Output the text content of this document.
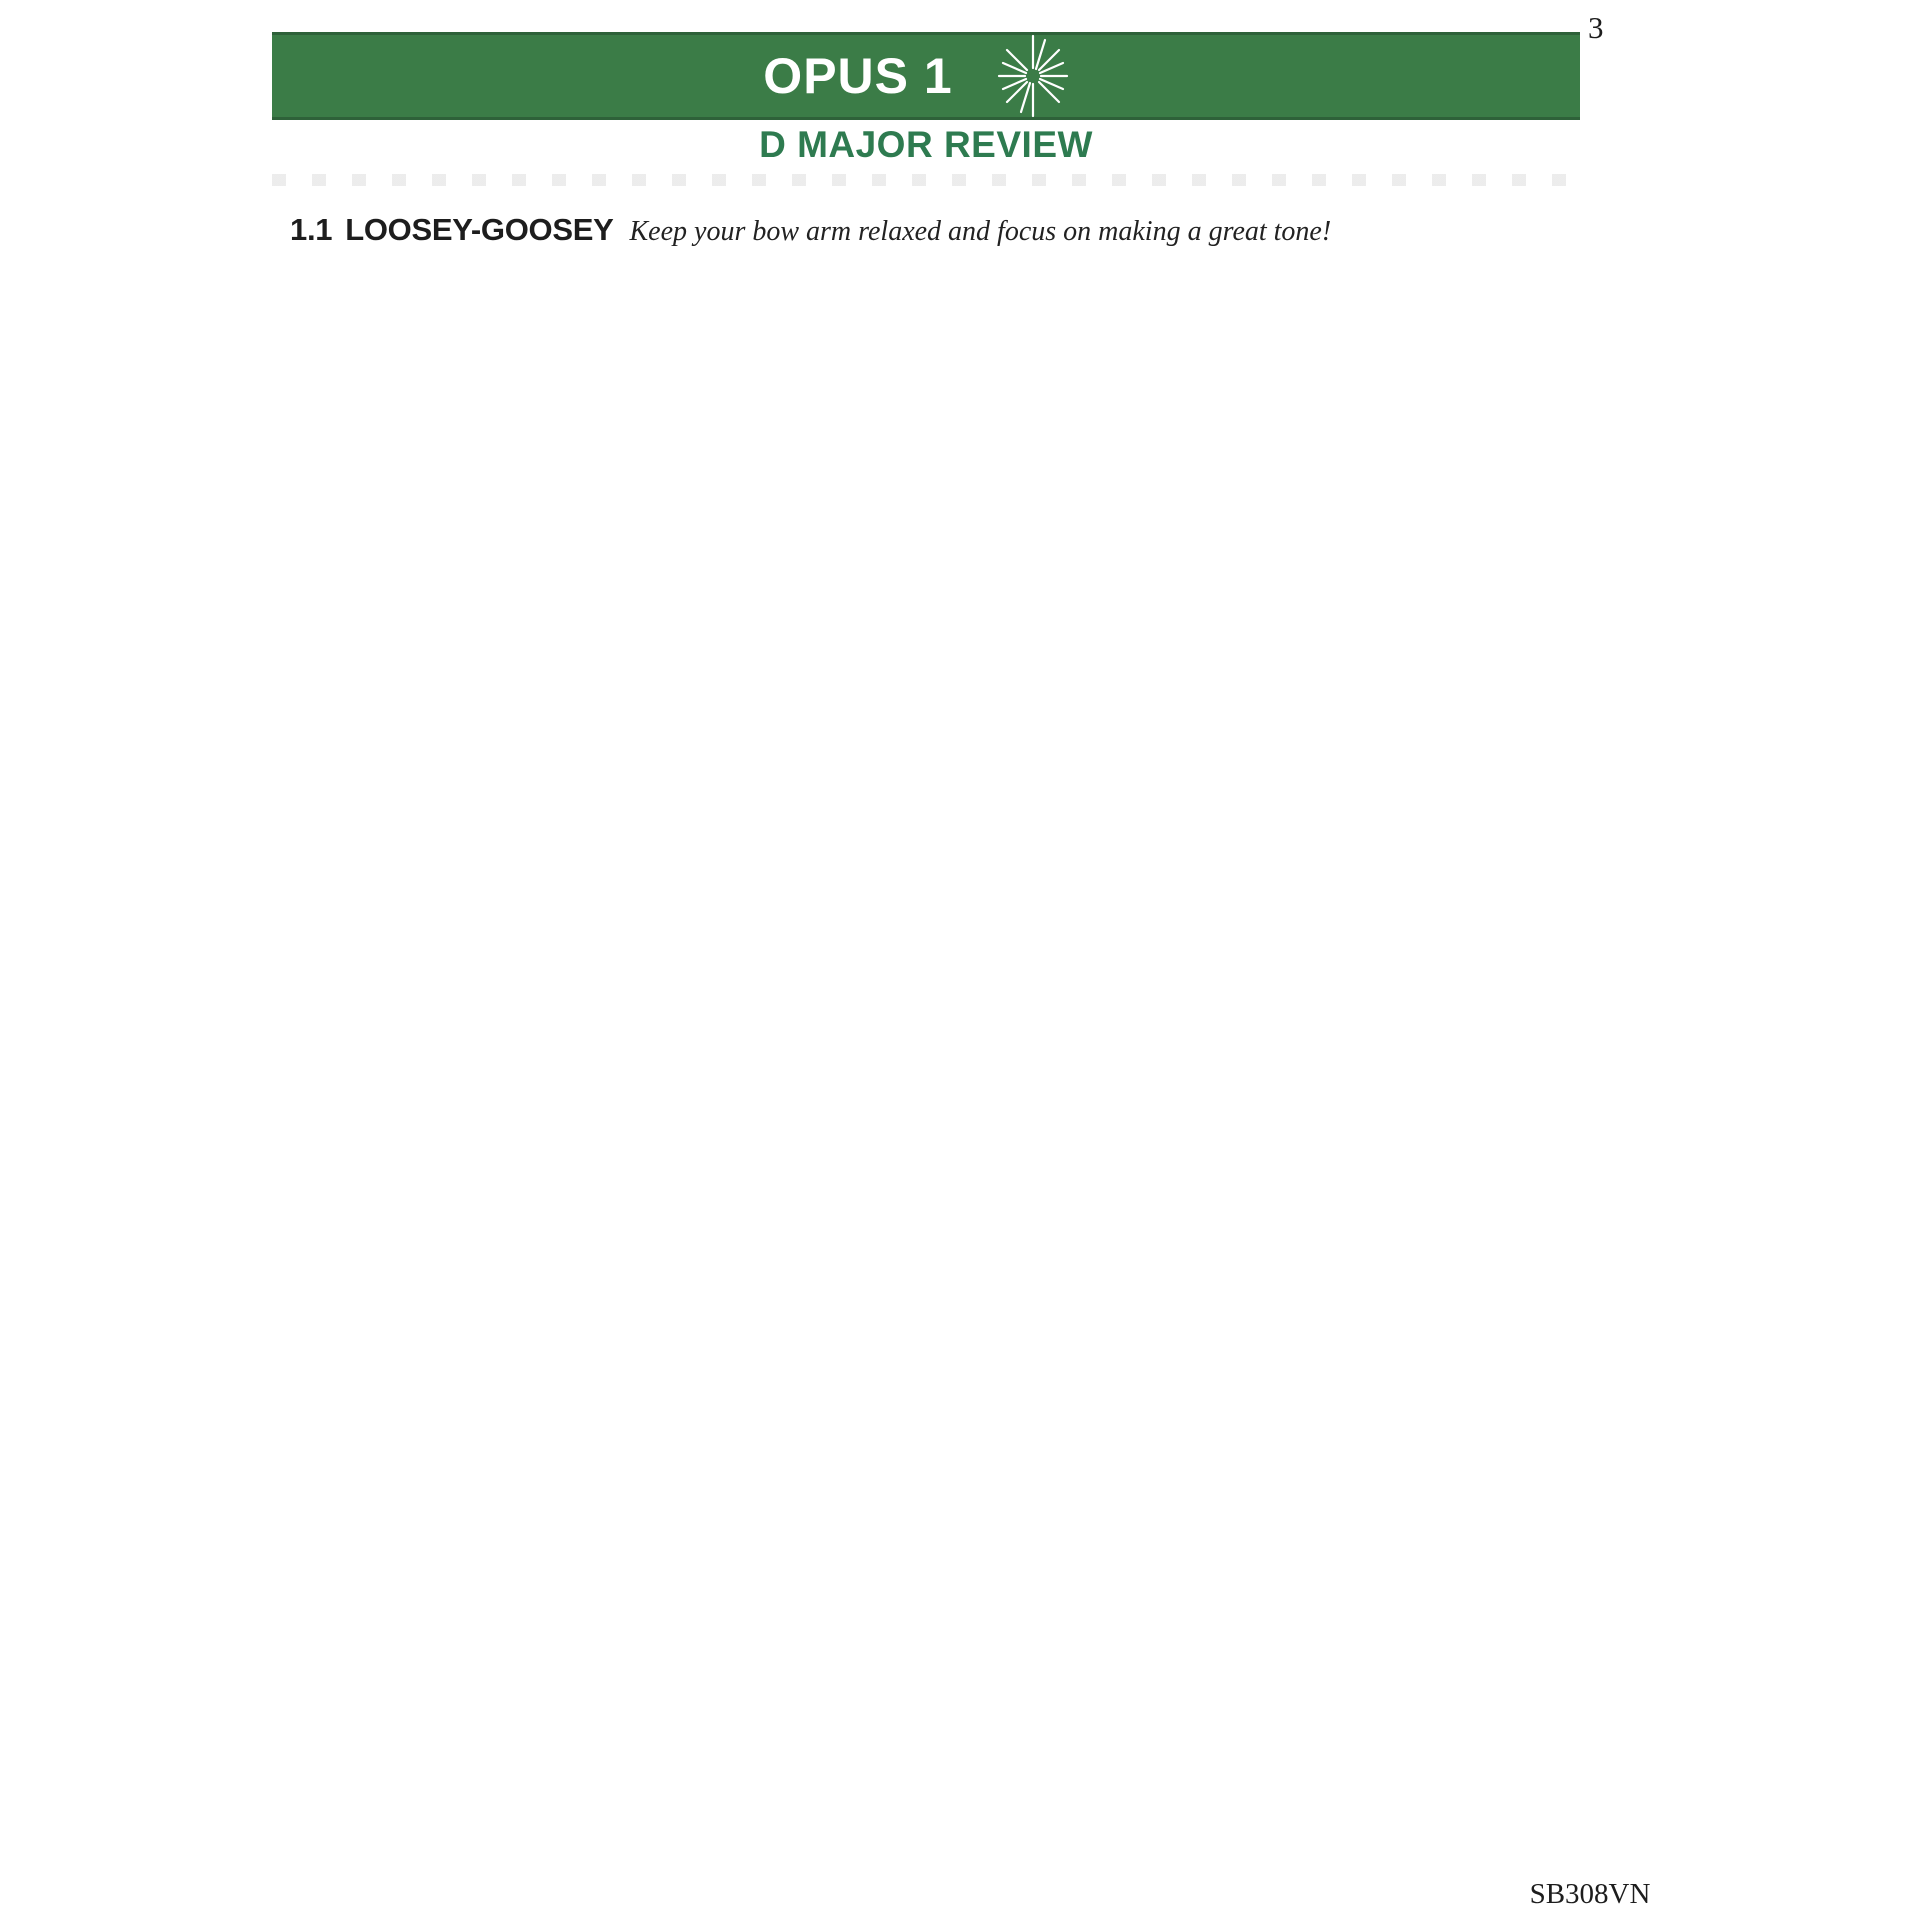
3
OPUS 1
D MAJOR REVIEW
SB308VN
1.1 LOOSEY-GOOSEY Keep your bow arm relaxed and focus on making a great tone!
